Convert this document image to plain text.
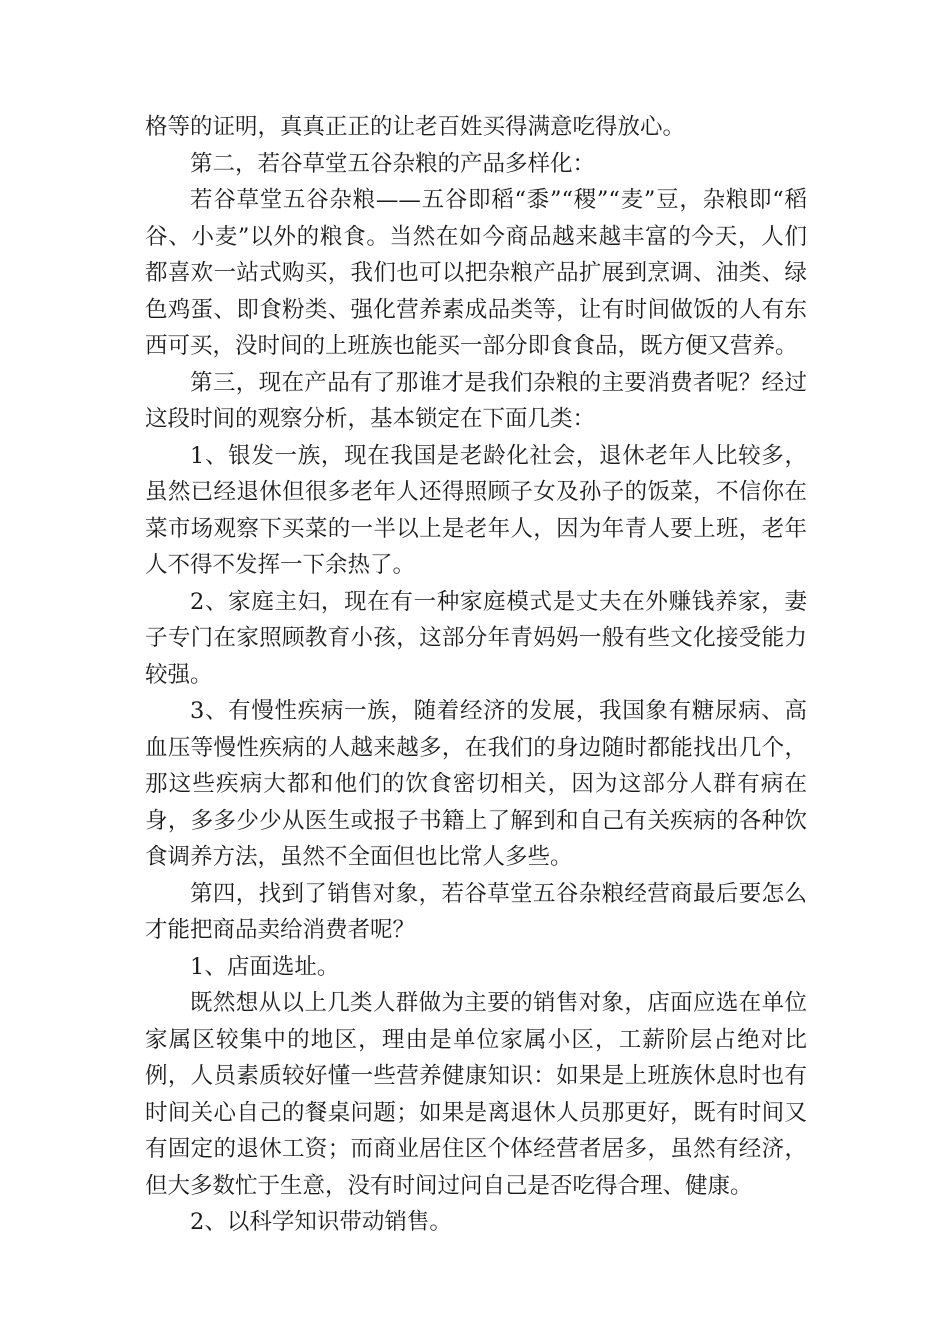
格等的证明，真真正正的让老百姓买得满意吃得放心。

第二，若谷草堂五谷杂粮的产品多样化：

若谷草堂五谷杂粮——五谷即稻“黍”“稷”“麦”豆，杂粮即“稻谷、小麦”以外的粮食。当然在如今商品越来越丰富的今天，人们都喜欢一站式购买，我们也可以把杂粮产品扩展到烹调、油类、绿色鸡蛋、即食粉类、强化营养素成品类等，让有时间做饭的人有东西可买，没时间的上班族也能买一部分即食食品，既方便又营养。

第三，现在产品有了那谁才是我们杂粮的主要消费者呢？经过这段时间的观察分析，基本锁定在下面几类：

1、银发一族，现在我国是老龄化社会，退休老年人比较多，虽然已经退休但很多老年人还得照顾子女及孙子的饭菜，不信你在菜市场观察下买菜的一半以上是老年人，因为年青人要上班，老年人不得不发挥一下余热了。

2、家庭主妇，现在有一种家庭模式是丈夫在外赚钱养家，妻子专门在家照顾教育小孩，这部分年青妈妈一般有些文化接受能力较强。

3、有慢性疾病一族，随着经济的发展，我国象有糖尿病、高血压等慢性疾病的人越来越多，在我们的身边随时都能找出几个，那这些疾病大都和他们的饮食密切相关，因为这部分人群有病在身，多多少少从医生或报子书籍上了解到和自己有关疾病的各种饮食调养方法，虽然不全面但也比常人多些。

第四，找到了销售对象，若谷草堂五谷杂粮经营商最后要怎么才能把商品卖给消费者呢？

1、店面选址。

既然想从以上几类人群做为主要的销售对象，店面应选在单位家属区较集中的地区，理由是单位家属小区，工薪阶层占绝对比例，人员素质较好懂一些营养健康知识：如果是上班族休息时也有时间关心自己的餐桌问题；如果是离退休人员那更好，既有时间又有固定的退休工资；而商业居住区个体经营者居多，虽然有经济，但大多数忙于生意，没有时间过问自己是否吃得合理、健康。

2、以科学知识带动销售。
